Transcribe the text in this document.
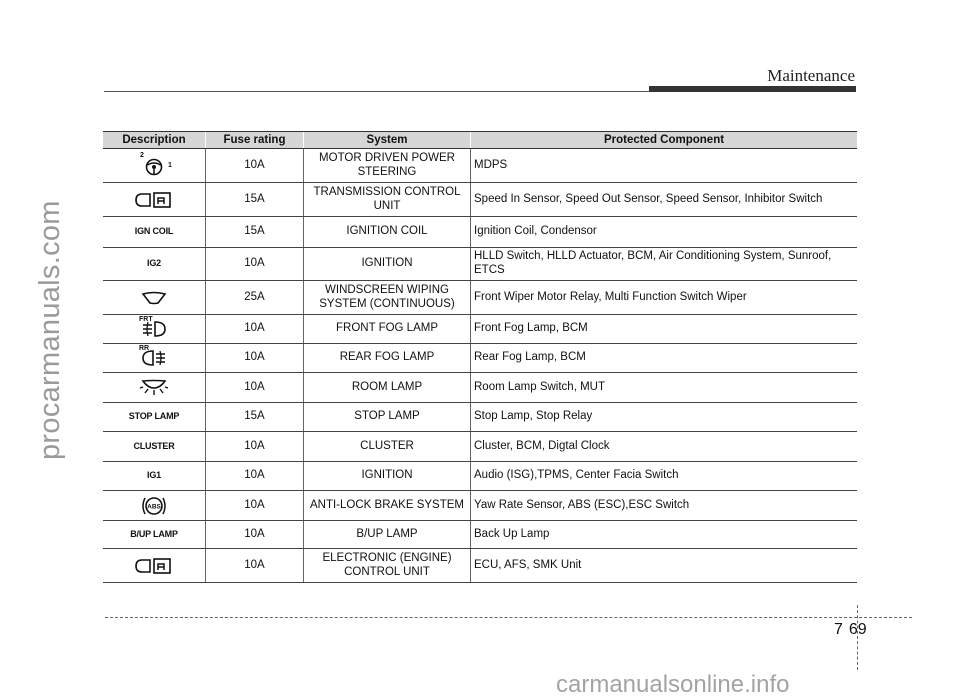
procarmanuals.com
Maintenance
Description	Fuse rating	System	Protected Component

2
1	10A	MOTOR DRIVEN POWER STEERING	MDPS
	15A	TRANSMISSION CONTROL UNIT	Speed In Sensor, Speed Out Sensor, Speed Sensor, Inhibitor Switch
IGN COIL	15A	IGNITION COIL	Ignition Coil, Condensor
IG2	10A	IGNITION	HLLD Switch, HLLD Actuator, BCM, Air Conditioning System, Sunroof, ETCS
	25A	WINDSCREEN WIPING SYSTEM (CONTINUOUS)	Front Wiper Motor Relay, Multi Function Switch Wiper

FRT	10A	FRONT FOG LAMP	Front Fog Lamp, BCM

RR	10A	REAR FOG LAMP	Rear Fog Lamp, BCM
	10A	ROOM LAMP	Room Lamp Switch, MUT
STOP LAMP	15A	STOP LAMP	Stop Lamp, Stop Relay
CLUSTER	10A	CLUSTER	Cluster, BCM, Digtal Clock
IG1	10A	IGNITION	Audio (ISG),TPMS, Center Facia Switch

ABS	10A	ANTI-LOCK BRAKE SYSTEM	Yaw Rate Sensor, ABS (ESC),ESC Switch
B/UP LAMP	10A	B/UP LAMP	Back Up Lamp
	10A	ELECTRONIC (ENGINE) CONTROL UNIT	ECU, AFS, SMK Unit
7 69
carmanualsonline.info
